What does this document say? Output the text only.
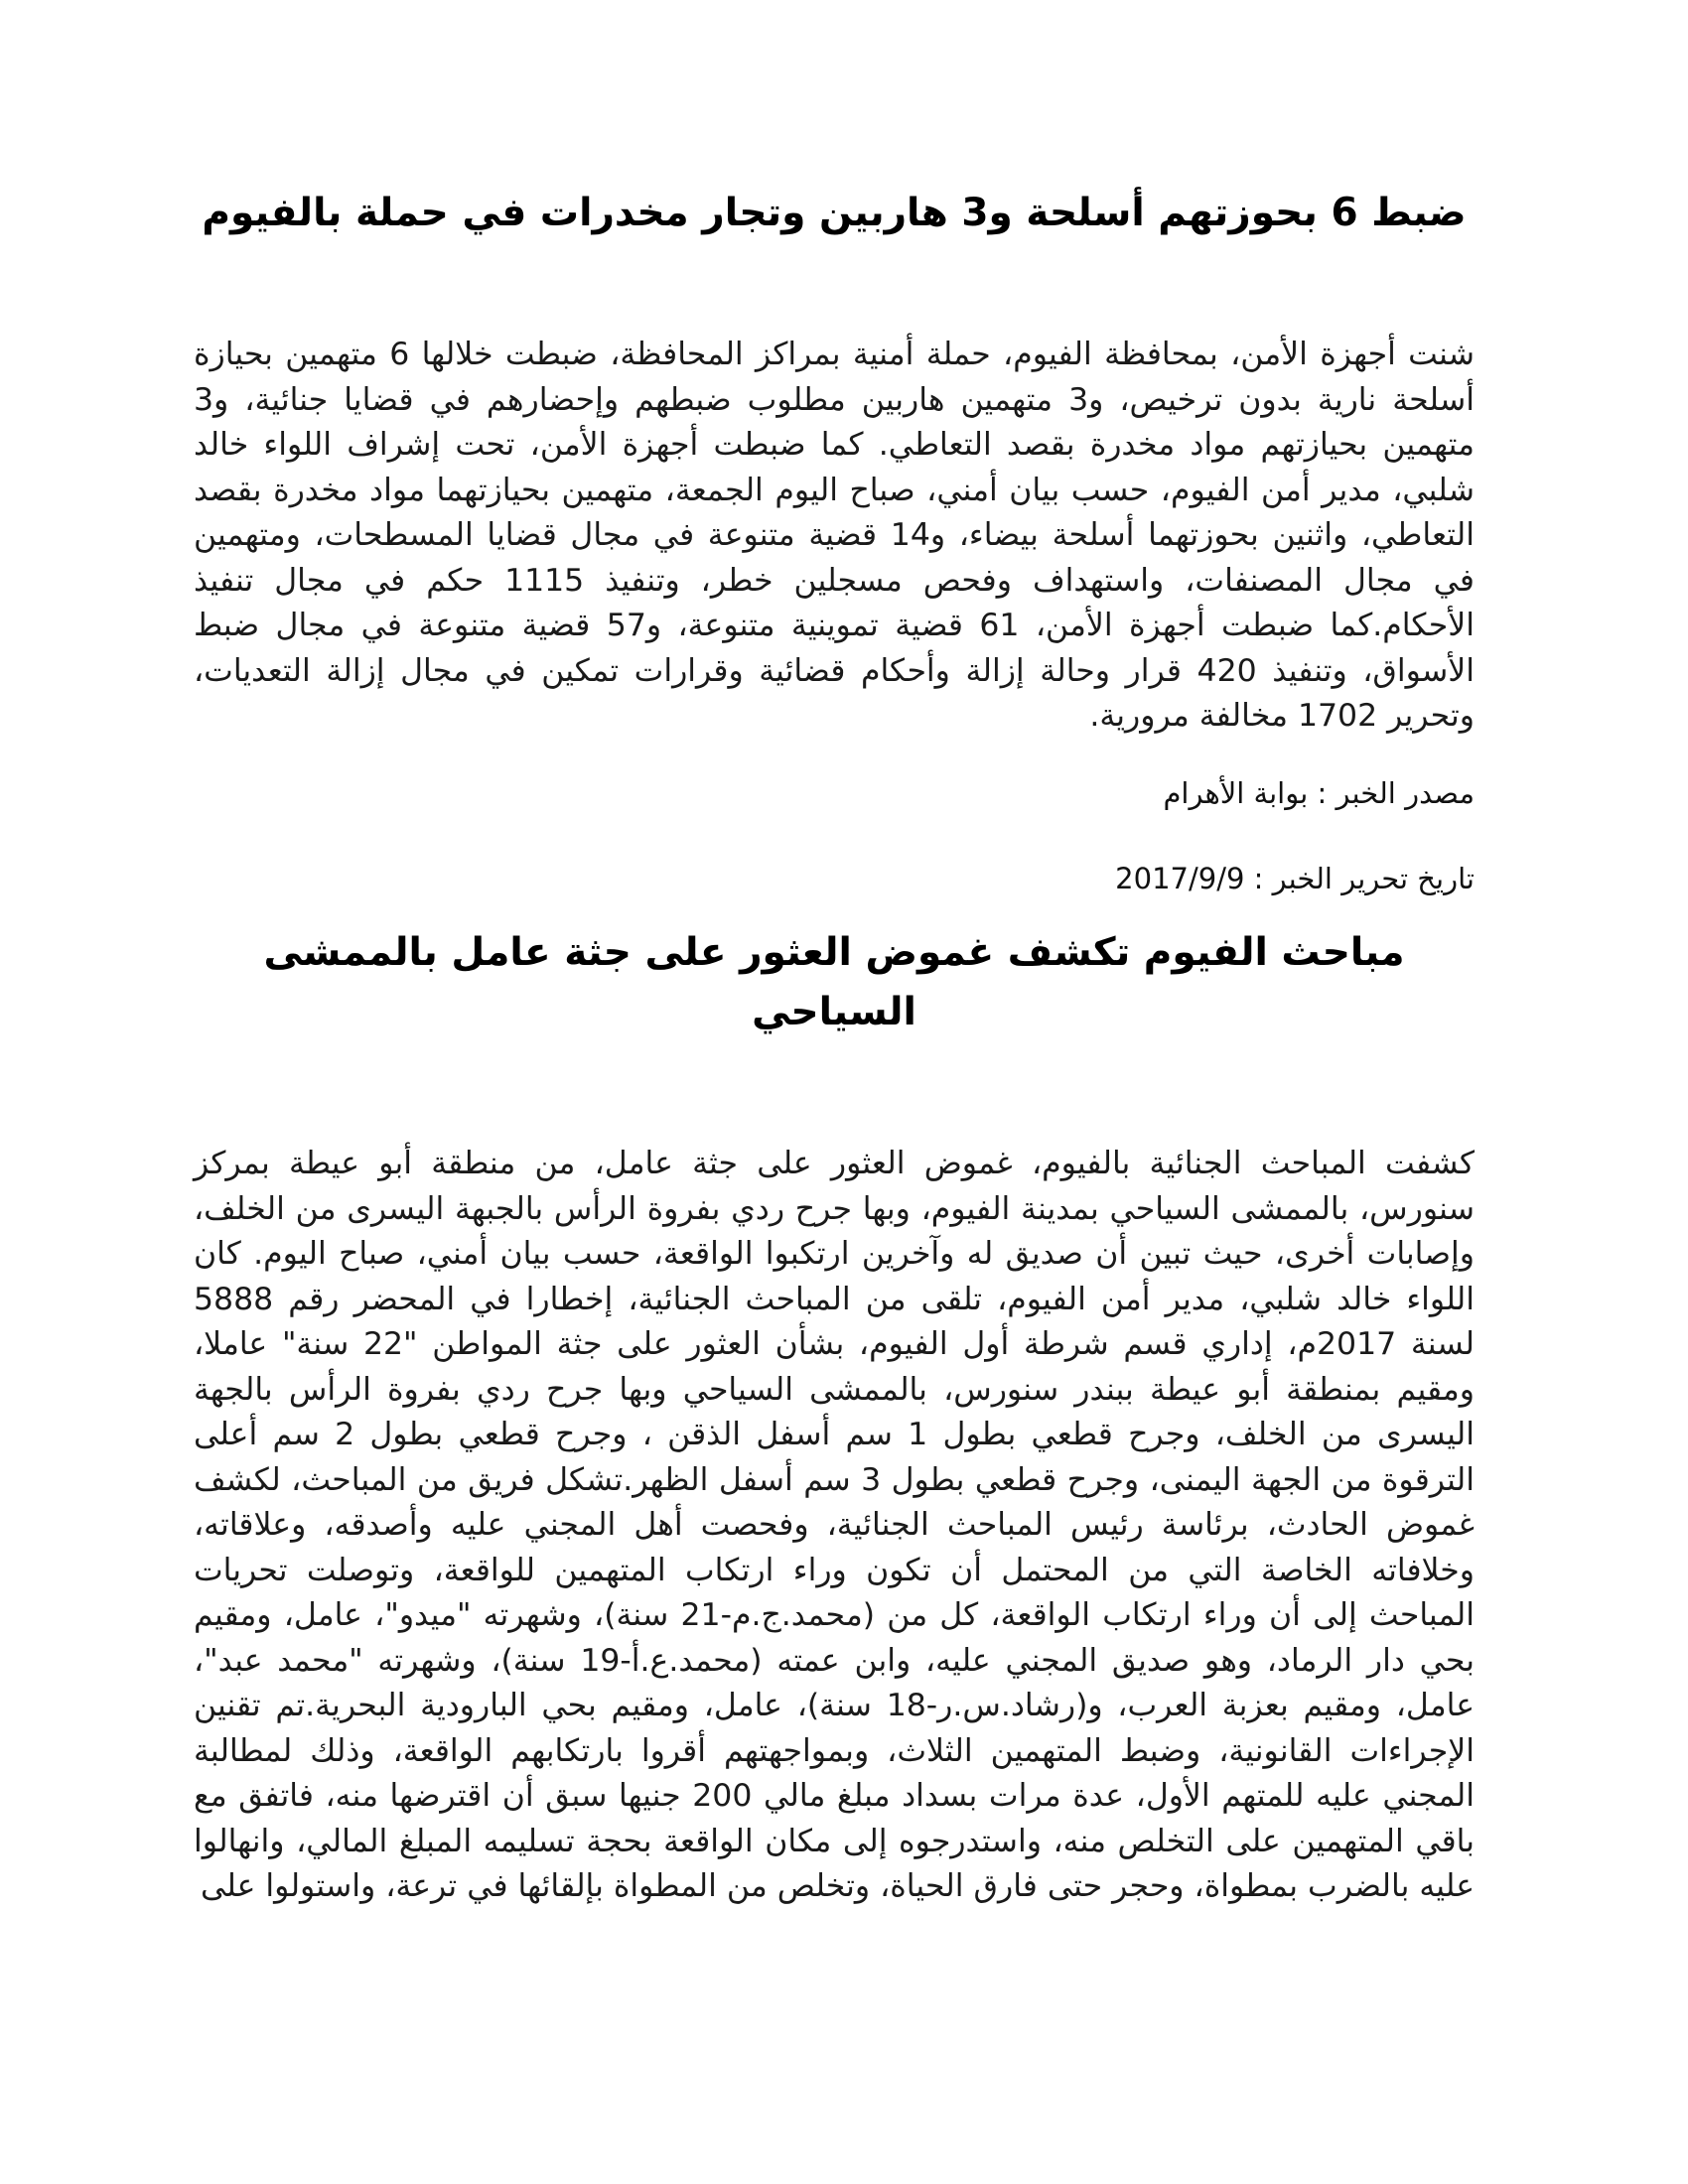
ضبط 6 بحوزتهم أسلحة و3 هاربين وتجار مخدرات في حملة بالفيوم

شنت أجهزة الأمن، بمحافظة الفيوم، حملة أمنية بمراكز المحافظة، ضبطت خلالها 6 متهمين بحيازة أسلحة نارية بدون ترخيص، و3 متهمين هاربين مطلوب ضبطهم وإحضارهم في قضايا جنائية، و3 متهمين بحيازتهم مواد مخدرة بقصد التعاطي. كما ضبطت أجهزة الأمن، تحت إشراف اللواء خالد شلبي، مدير أمن الفيوم، حسب بيان أمني، صباح اليوم الجمعة، متهمين بحيازتهما مواد مخدرة بقصد التعاطي، واثنين بحوزتهما أسلحة بيضاء، و14 قضية متنوعة في مجال قضايا المسطحات، ومتهمين في مجال المصنفات، واستهداف وفحص مسجلين خطر، وتنفيذ 1115 حكم في مجال تنفيذ الأحكام.كما ضبطت أجهزة الأمن، 61 قضية تموينية متنوعة، و57 قضية متنوعة في مجال ضبط الأسواق، وتنفيذ 420 قرار وحالة إزالة وأحكام قضائية وقرارات تمكين في مجال إزالة التعديات، وتحرير 1702 مخالفة مرورية.

مصدر الخبر : بوابة الأهرام

تاريخ تحرير الخبر : 2017/9/9

مباحث الفيوم تكشف غموض العثور على جثة عامل بالممشى السياحي

كشفت المباحث الجنائية بالفيوم، غموض العثور على جثة عامل، من منطقة أبو عيطة بمركز سنورس، بالممشى السياحي بمدينة الفيوم، وبها جرح ردي بفروة الرأس بالجبهة اليسرى من الخلف، وإصابات أخرى، حيث تبين أن صديق له وآخرين ارتكبوا الواقعة، حسب بيان أمني، صباح اليوم. كان اللواء خالد شلبي، مدير أمن الفيوم، تلقى من المباحث الجنائية، إخطارا في المحضر رقم 5888 لسنة 2017م، إداري قسم شرطة أول الفيوم، بشأن العثور على جثة المواطن "22 سنة" عاملا، ومقيم بمنطقة أبو عيطة ببندر سنورس، بالممشى السياحي وبها جرح ردي بفروة الرأس بالجهة اليسرى من الخلف، وجرح قطعي بطول 1 سم أسفل الذقن ، وجرح قطعي بطول 2 سم أعلى الترقوة من الجهة اليمنى، وجرح قطعي بطول 3 سم أسفل الظهر.تشكل فريق من المباحث، لكشف غموض الحادث، برئاسة رئيس المباحث الجنائية، وفحصت أهل المجني عليه وأصدقه، وعلاقاته، وخلافاته الخاصة التي من المحتمل أن تكون وراء ارتكاب المتهمين للواقعة، وتوصلت تحريات المباحث إلى أن وراء ارتكاب الواقعة، كل من (محمد.ج.م-21 سنة)، وشهرته "ميدو"، عامل، ومقيم بحي دار الرماد، وهو صديق المجني عليه، وابن عمته (محمد.ع.أ-19 سنة)، وشهرته "محمد عبد"، عامل، ومقيم بعزبة العرب، و(رشاد.س.ر-18 سنة)، عامل، ومقيم بحي البارودية البحرية.تم تقنين الإجراءات القانونية، وضبط المتهمين الثلاث، وبمواجهتهم أقروا بارتكابهم الواقعة، وذلك لمطالبة المجني عليه للمتهم الأول، عدة مرات بسداد مبلغ مالي 200 جنيها سبق أن اقترضها منه، فاتفق مع باقي المتهمين على التخلص منه، واستدرجوه إلى مكان الواقعة بحجة تسليمه المبلغ المالي، وانهالوا عليه بالضرب بمطواة، وحجر حتى فارق الحياة، وتخلص من المطواة بإلقائها في ترعة، واستولوا على
